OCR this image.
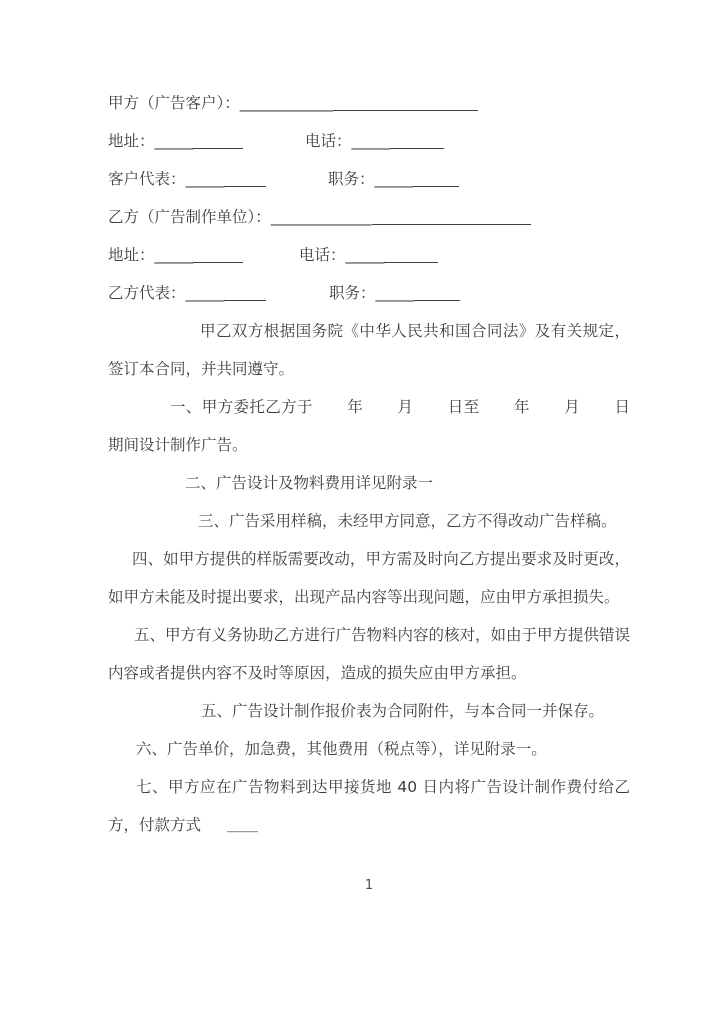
甲方（广告客户）：____________

地址：_____	电话：_____

客户代表：_____	职务：_____

乙方（广告制作单位）：_____________

地址：_____	电话：_____

乙方代表：_____	职务：_____

甲乙双方根据国务院《中华人民共和国合同法》及有关规定，签订本合同，并共同遵守。

一、甲方委托乙方于 年 月 日至 年 月 日期间设计制作广告。

二、广告设计及物料费用详见附录一

三、广告采用样稿，未经甲方同意，乙方不得改动广告样稿。

四、如甲方提供的样版需要改动，甲方需及时向乙方提出要求及时更改，如甲方未能及时提出要求，出现产品内容等出现问题，应由甲方承担损失。

五、甲方有义务协助乙方进行广告物料内容的核对，如由于甲方提供错误内容或者提供内容不及时等原因，造成的损失应由甲方承担。

五、广告设计制作报价表为合同附件，与本合同一并保存。

六、广告单价，加急费，其他费用（税点等），详见附录一。

七、甲方应在广告物料到达甲接货地 40 日内将广告设计制作费付给乙方，付款方式 ＿＿

1
